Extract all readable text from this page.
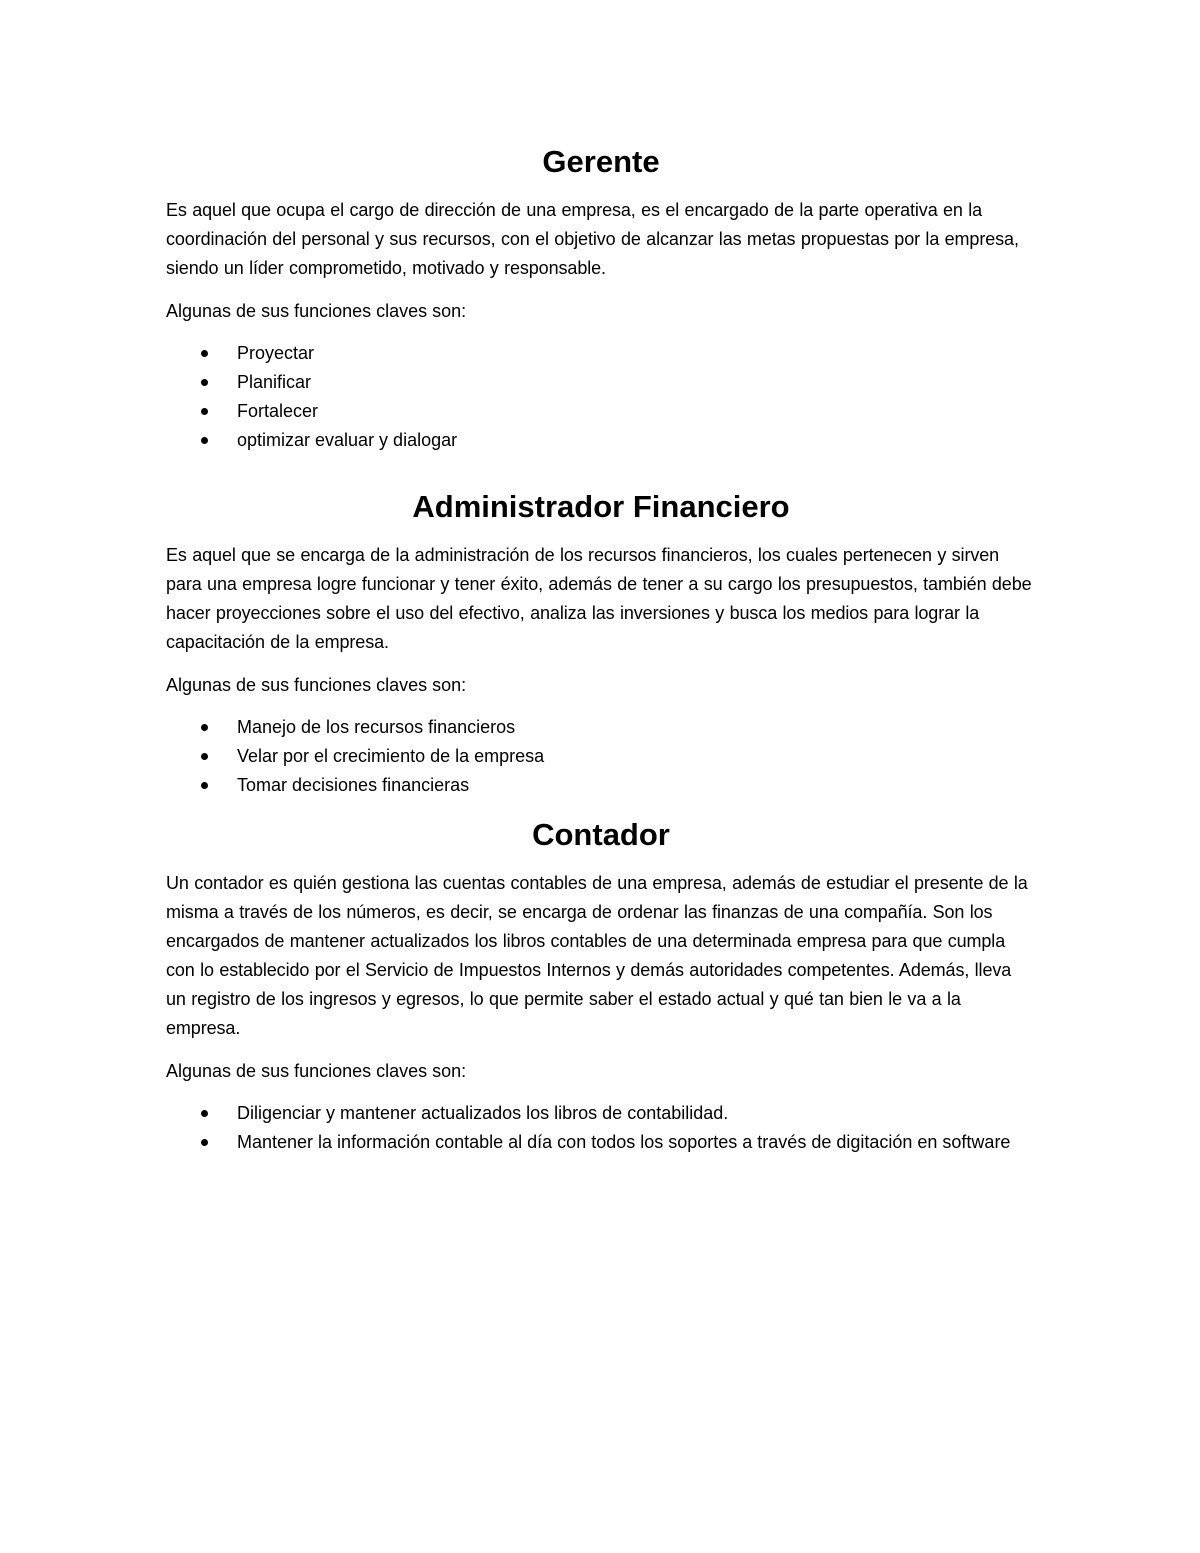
Gerente

Es aquel que ocupa el cargo de dirección de una empresa, es el encargado de la parte operativa en la coordinación del personal y sus recursos, con el objetivo de alcanzar las metas propuestas por la empresa, siendo un líder comprometido, motivado y responsable.

Algunas de sus funciones claves son:

Proyectar
Planificar
Fortalecer
optimizar evaluar y dialogar
Administrador Financiero

Es aquel que se encarga de la administración de los recursos financieros, los cuales pertenecen y sirven para una empresa logre funcionar y tener éxito, además de tener a su cargo los presupuestos, también debe hacer proyecciones sobre el uso del efectivo, analiza las inversiones y busca los medios para lograr la capacitación de la empresa.

Algunas de sus funciones claves son:

Manejo de los recursos financieros
Velar por el crecimiento de la empresa
Tomar decisiones financieras
Contador

Un contador es quién gestiona las cuentas contables de una empresa, además de estudiar el presente de la misma a través de los números, es decir, se encarga de ordenar las finanzas de una compañía. Son los encargados de mantener actualizados los libros contables de una determinada empresa para que cumpla con lo establecido por el Servicio de Impuestos Internos y demás autoridades competentes. Además, lleva un registro de los ingresos y egresos, lo que permite saber el estado actual y qué tan bien le va a la empresa.

Algunas de sus funciones claves son:

Diligenciar y mantener actualizados los libros de contabilidad.
Mantener la información contable al día con todos los soportes a través de digitación en software
